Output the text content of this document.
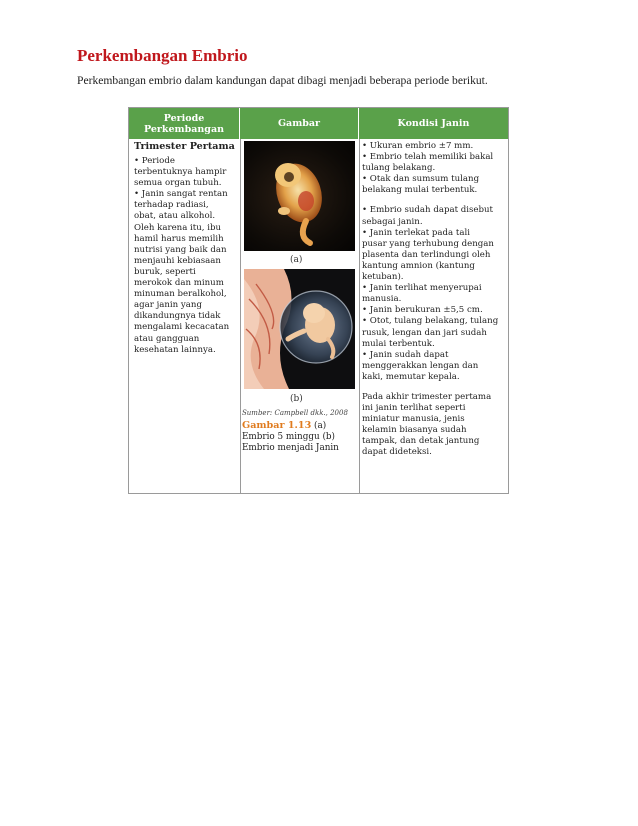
Perkembangan Embrio
Perkembangan embrio dalam kandungan dapat dibagi menjadi beberapa periode berikut.
Periode
Perkembangan	Gambar	Kondisi Janin
Trimester Pertama
• Periode
terbentuknya hampir
semua organ tubuh.
• Janin sangat rentan
terhadap radiasi,
obat, atau alkohol.
Oleh karena itu, ibu
hamil harus memilih
nutrisi yang baik dan
menjauhi kebiasaan
buruk, seperti
merokok dan minum
minuman beralkohol,
agar janin yang
dikandungnya tidak
mengalami kecacatan
atau gangguan
kesehatan lainnya.
(a)
(b)
Sumber: Campbell dkk., 2008
Gambar 1.13 (a)
Embrio 5 minggu (b)
Embrio menjadi Janin
• Ukuran embrio ±7 mm.
• Embrio telah memiliki bakal
tulang belakang.
• Otak dan sumsum tulang
belakang mulai terbentuk.
• Embrio sudah dapat disebut
sebagai janin.
• Janin terlekat pada tali
pusar yang terhubung dengan
plasenta dan terlindungi oleh
kantung amnion (kantung
ketuban).
• Janin terlihat menyerupai
manusia.
• Janin berukuran ±5,5 cm.
• Otot, tulang belakang, tulang
rusuk, lengan dan jari sudah
mulai terbentuk.
• Janin sudah dapat
menggerakkan lengan dan
kaki, memutar kepala.
Pada akhir trimester pertama
ini janin terlihat seperti
miniatur manusia, jenis
kelamin biasanya sudah
tampak, dan detak jantung
dapat dideteksi.
